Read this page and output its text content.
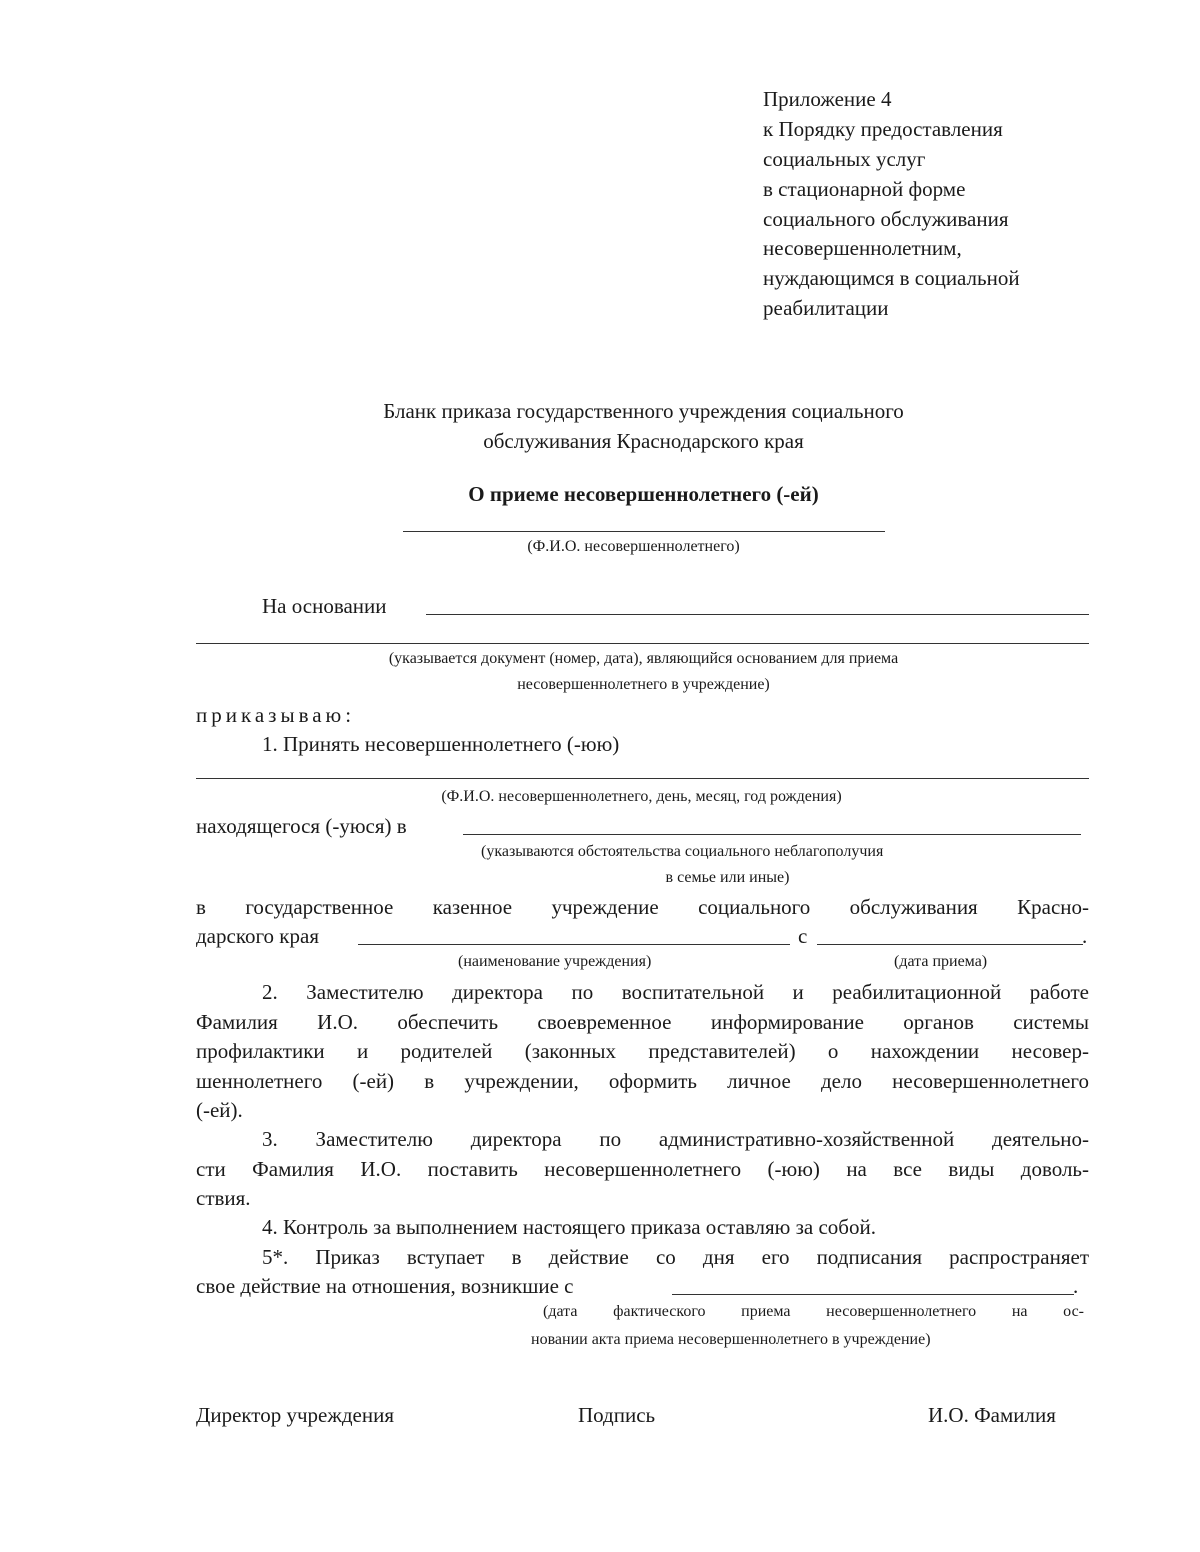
Приложение 4
к Порядку предоставления
социальных услуг
в стационарной форме
социального обслуживания
несовершеннолетним,
нуждающимся в социальной
реабилитации
Бланк приказа государственного учреждения социального
обслуживания Краснодарского края
О приеме несовершеннолетнего (-ей)
(Ф.И.О. несовершеннолетнего)
На основании
(указывается документ (номер, дата), являющийся основанием для приема
несовершеннолетнего в учреждение)
приказываю:
1. Принять несовершеннолетнего (-юю)
(Ф.И.О. несовершеннолетнего, день, месяц, год рождения)
находящегося (-уюся) в
(указываются обстоятельства социального неблагополучия
в семье или иные)
в государственное казенное учреждение социального обслуживания Красно-
дарского края	с	.
(наименование учреждения)	(дата приема)
2. Заместителю директора по воспитательной и реабилитационной работе
Фамилия И.О. обеспечить своевременное информирование органов системы
профилактики и родителей (законных представителей) о нахождении несовер-
шеннолетнего (-ей) в учреждении, оформить личное дело несовершеннолетнего
(-ей).
3. Заместителю директора по административно-хозяйственной деятельно-
сти Фамилия И.О. поставить несовершеннолетнего (-юю) на все виды доволь-
ствия.
4. Контроль за выполнением настоящего приказа оставляю за собой.
5*. Приказ вступает в действие со дня его подписания распространяет
свое действие на отношения, возникшие с	.
(дата фактического приема несовершеннолетнего на ос-
новании акта приема несовершеннолетнего в учреждение)
Директор учреждения	Подпись	И.О. Фамилия
